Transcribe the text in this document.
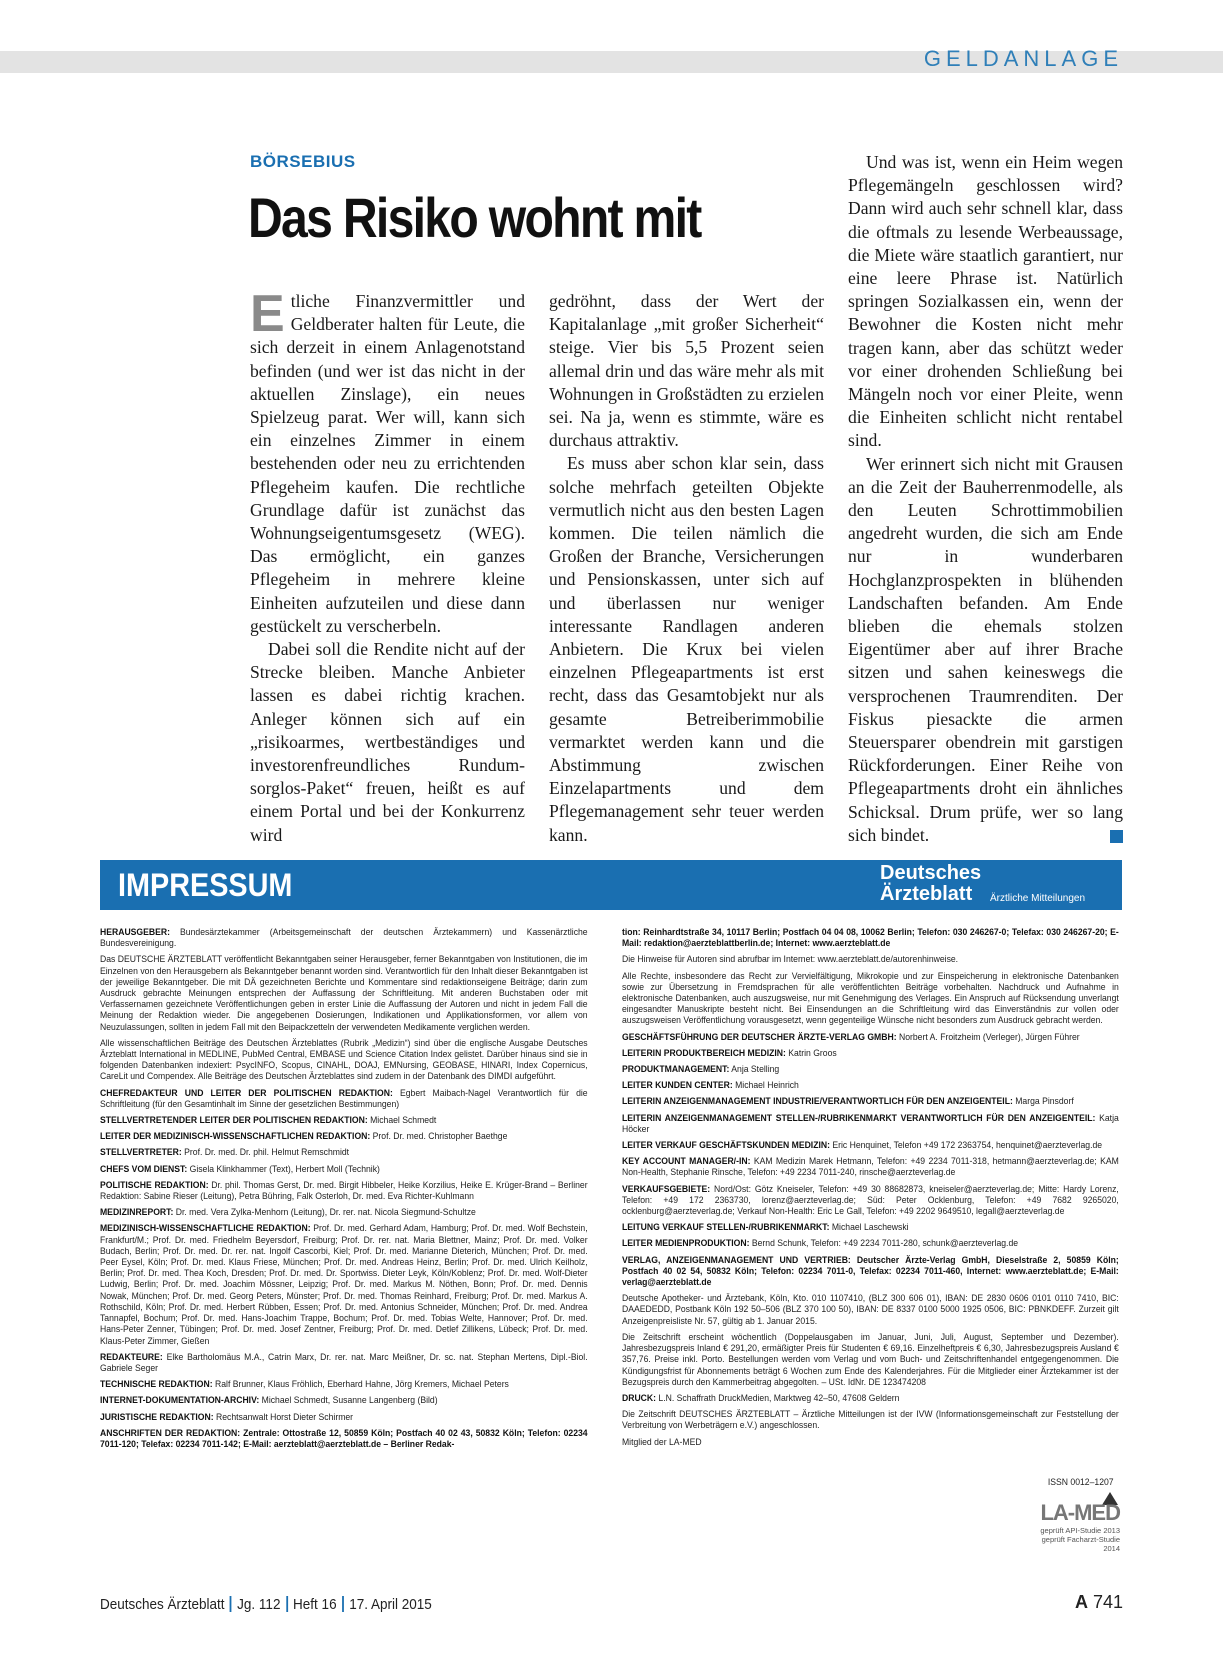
GELDANLAGE
BÖRSEBIUS
Das Risiko wohnt mit

Etliche Finanzvermittler und Geldberater halten für Leute, die sich derzeit in einem Anlagenotstand befinden (und wer ist das nicht in der aktuellen Zinslage), ein neues Spielzeug parat. Wer will, kann sich ein einzelnes Zimmer in einem bestehenden oder neu zu errichtenden Pflegeheim kaufen. Die rechtliche Grundlage dafür ist zunächst das Wohnungseigentumsgesetz (WEG). Das ermöglicht, ein ganzes Pflegeheim in mehrere kleine Einheiten aufzuteilen und diese dann gestückelt zu verscherbeln.

Dabei soll die Rendite nicht auf der Strecke bleiben. Manche Anbieter lassen es dabei richtig krachen. Anleger können sich auf ein „risikoarmes, wertbeständiges und investorenfreundliches Rundum-sorglos-Paket“ freuen, heißt es auf einem Portal und bei der Konkurrenz wird

gedröhnt, dass der Wert der Kapitalanlage „mit großer Sicherheit“ steige. Vier bis 5,5 Prozent seien allemal drin und das wäre mehr als mit Wohnungen in Großstädten zu erzielen sei. Na ja, wenn es stimmte, wäre es durchaus attraktiv.

Es muss aber schon klar sein, dass solche mehrfach geteilten Objekte vermutlich nicht aus den besten Lagen kommen. Die teilen nämlich die Großen der Branche, Versicherungen und Pensionskassen, unter sich auf und überlassen nur weniger interessante Randlagen anderen Anbietern. Die Krux bei vielen einzelnen Pflegeapartments ist erst recht, dass das Gesamtobjekt nur als gesamte Betreiberimmobilie vermarktet werden kann und die Abstimmung zwischen Einzelapartments und dem Pflegemanagement sehr teuer werden kann.

Und was ist, wenn ein Heim wegen Pflegemängeln geschlossen wird? Dann wird auch sehr schnell klar, dass die oftmals zu lesende Werbeaussage, die Miete wäre staatlich garantiert, nur eine leere Phrase ist. Natürlich springen Sozialkassen ein, wenn der Bewohner die Kosten nicht mehr tragen kann, aber das schützt weder vor einer drohenden Schließung bei Mängeln noch vor einer Pleite, wenn die Einheiten schlicht nicht rentabel sind.

Wer erinnert sich nicht mit Grausen an die Zeit der Bauherrenmodelle, als den Leuten Schrottimmobilien angedreht wurden, die sich am Ende nur in wunderbaren Hochglanzprospekten in blühenden Landschaften befanden. Am Ende blieben die ehemals stolzen Eigentümer aber auf ihrer Brache sitzen und sahen keineswegs die versprochenen Traumrenditen. Der Fiskus piesackte die armen Steuersparer obendrein mit garstigen Rückforderungen. Einer Reihe von Pflegeapartments droht ein ähnliches Schicksal. Drum prüfe, wer so lang sich bindet.

IMPRESSUM	Deutsches
Ärzteblatt	Ärztliche Mitteilungen

HERAUSGEBER: Bundesärztekammer (Arbeitsgemeinschaft der deutschen Ärztekammern) und Kassenärztliche Bundesvereinigung.

Das DEUTSCHE ÄRZTEBLATT veröffentlicht Bekanntgaben seiner Herausgeber, ferner Bekanntgaben von Institutionen, die im Einzelnen von den Herausgebern als Bekanntgeber benannt worden sind. Verantwortlich für den Inhalt dieser Bekanntgaben ist der jeweilige Bekanntgeber. Die mit DÄ gezeichneten Berichte und Kommentare sind redaktionseigene Beiträge; darin zum Ausdruck gebrachte Meinungen entsprechen der Auffassung der Schriftleitung. Mit anderen Buchstaben oder mit Verfassernamen gezeichnete Veröffentlichungen geben in erster Linie die Auffassung der Autoren und nicht in jedem Fall die Meinung der Redaktion wieder. Die angegebenen Dosierungen, Indikationen und Applikationsformen, vor allem von Neuzulassungen, sollten in jedem Fall mit den Beipackzetteln der verwendeten Medikamente verglichen werden.

Alle wissenschaftlichen Beiträge des Deutschen Ärzteblattes (Rubrik „Medizin“) sind über die englische Ausgabe Deutsches Ärzteblatt International in MEDLINE, PubMed Central, EMBASE und Science Citation Index gelistet. Darüber hinaus sind sie in folgenden Datenbanken indexiert: PsycINFO, Scopus, CINAHL, DOAJ, EMNursing, GEOBASE, HINARI, Index Copernicus, CareLit und Compendex. Alle Beiträge des Deutschen Ärzteblattes sind zudem in der Datenbank des DIMDI aufgeführt.

CHEFREDAKTEUR UND LEITER DER POLITISCHEN REDAKTION: Egbert Maibach-Nagel Verantwortlich für die Schriftleitung (für den Gesamtinhalt im Sinne der gesetzlichen Bestimmungen)

STELLVERTRETENDER LEITER DER POLITISCHEN REDAKTION: Michael Schmedt

LEITER DER MEDIZINISCH-WISSENSCHAFTLICHEN REDAKTION: Prof. Dr. med. Christopher Baethge

STELLVERTRETER: Prof. Dr. med. Dr. phil. Helmut Remschmidt

CHEFS VOM DIENST: Gisela Klinkhammer (Text), Herbert Moll (Technik)

POLITISCHE REDAKTION: Dr. phil. Thomas Gerst, Dr. med. Birgit Hibbeler, Heike Korzilius, Heike E. Krüger-Brand – Berliner Redaktion: Sabine Rieser (Leitung), Petra Bühring, Falk Osterloh, Dr. med. Eva Richter-Kuhlmann

MEDIZINREPORT: Dr. med. Vera Zylka-Menhorn (Leitung), Dr. rer. nat. Nicola Siegmund-Schultze

MEDIZINISCH-WISSENSCHAFTLICHE REDAKTION: Prof. Dr. med. Gerhard Adam, Hamburg; Prof. Dr. med. Wolf Bechstein, Frankfurt/M.; Prof. Dr. med. Friedhelm Beyersdorf, Freiburg; Prof. Dr. rer. nat. Maria Blettner, Mainz; Prof. Dr. med. Volker Budach, Berlin; Prof. Dr. med. Dr. rer. nat. Ingolf Cascorbi, Kiel; Prof. Dr. med. Marianne Dieterich, München; Prof. Dr. med. Peer Eysel, Köln; Prof. Dr. med. Klaus Friese, München; Prof. Dr. med. Andreas Heinz, Berlin; Prof. Dr. med. Ulrich Keilholz, Berlin; Prof. Dr. med. Thea Koch, Dresden; Prof. Dr. med. Dr. Sportwiss. Dieter Leyk, Köln/Koblenz; Prof. Dr. med. Wolf-Dieter Ludwig, Berlin; Prof. Dr. med. Joachim Mössner, Leipzig; Prof. Dr. med. Markus M. Nöthen, Bonn; Prof. Dr. med. Dennis Nowak, München; Prof. Dr. med. Georg Peters, Münster; Prof. Dr. med. Thomas Reinhard, Freiburg; Prof. Dr. med. Markus A. Rothschild, Köln; Prof. Dr. med. Herbert Rübben, Essen; Prof. Dr. med. Antonius Schneider, München; Prof. Dr. med. Andrea Tannapfel, Bochum; Prof. Dr. med. Hans-Joachim Trappe, Bochum; Prof. Dr. med. Tobias Welte, Hannover; Prof. Dr. med. Hans-Peter Zenner, Tübingen; Prof. Dr. med. Josef Zentner, Freiburg; Prof. Dr. med. Detlef Zillikens, Lübeck; Prof. Dr. med. Klaus-Peter Zimmer, Gießen

REDAKTEURE: Elke Bartholomäus M.A., Catrin Marx, Dr. rer. nat. Marc Meißner, Dr. sc. nat. Stephan Mertens, Dipl.-Biol. Gabriele Seger

TECHNISCHE REDAKTION: Ralf Brunner, Klaus Fröhlich, Eberhard Hahne, Jörg Kremers, Michael Peters

INTERNET-DOKUMENTATION-ARCHIV: Michael Schmedt, Susanne Langenberg (Bild)

JURISTISCHE REDAKTION: Rechtsanwalt Horst Dieter Schirmer

ANSCHRIFTEN DER REDAKTION: Zentrale: Ottostraße 12, 50859 Köln; Postfach 40 02 43, 50832 Köln; Telefon: 02234 7011-120; Telefax: 02234 7011-142; E-Mail: aerzteblatt@aerzteblatt.de – Berliner Redak-

tion: Reinhardtstraße 34, 10117 Berlin; Postfach 04 04 08, 10062 Berlin; Telefon: 030 246267-0; Telefax: 030 246267-20; E-Mail: redaktion@aerzteblattberlin.de; Internet: www.aerzteblatt.de

Die Hinweise für Autoren sind abrufbar im Internet: www.aerzteblatt.de/autorenhinweise.

Alle Rechte, insbesondere das Recht zur Vervielfältigung, Mikrokopie und zur Einspeicherung in elektronische Datenbanken sowie zur Übersetzung in Fremdsprachen für alle veröffentlichten Beiträge vorbehalten. Nachdruck und Aufnahme in elektronische Datenbanken, auch auszugsweise, nur mit Genehmigung des Verlages. Ein Anspruch auf Rücksendung unverlangt eingesandter Manuskripte besteht nicht. Bei Einsendungen an die Schriftleitung wird das Einverständnis zur vollen oder auszugsweisen Veröffentlichung vorausgesetzt, wenn gegenteilige Wünsche nicht besonders zum Ausdruck gebracht werden.

GESCHÄFTSFÜHRUNG DER DEUTSCHER ÄRZTE-VERLAG GMBH: Norbert A. Froitzheim (Verleger), Jürgen Führer

LEITERIN PRODUKTBEREICH MEDIZIN: Katrin Groos

PRODUKTMANAGEMENT: Anja Stelling

LEITER KUNDEN CENTER: Michael Heinrich

LEITERIN ANZEIGENMANAGEMENT INDUSTRIE/VERANTWORTLICH FÜR DEN ANZEIGENTEIL: Marga Pinsdorf

LEITERIN ANZEIGENMANAGEMENT STELLEN-/RUBRIKENMARKT VERANTWORTLICH FÜR DEN ANZEIGENTEIL: Katja Höcker

LEITER VERKAUF GESCHÄFTSKUNDEN MEDIZIN: Eric Henquinet, Telefon +49 172 2363754, henquinet@aerzteverlag.de

KEY ACCOUNT MANAGER/-IN: KAM Medizin Marek Hetmann, Telefon: +49 2234 7011-318, hetmann@aerzteverlag.de; KAM Non-Health, Stephanie Rinsche, Telefon: +49 2234 7011-240, rinsche@aerzteverlag.de

VERKAUFSGEBIETE: Nord/Ost: Götz Kneiseler, Telefon: +49 30 88682873, kneiseler@aerzteverlag.de; Mitte: Hardy Lorenz, Telefon: +49 172 2363730, lorenz@aerzteverlag.de; Süd: Peter Ocklenburg, Telefon: +49 7682 9265020, ocklenburg@aerzteverlag.de; Verkauf Non-Health: Eric Le Gall, Telefon: +49 2202 9649510, legall@aerzteverlag.de

LEITUNG VERKAUF STELLEN-/RUBRIKENMARKT: Michael Laschewski

LEITER MEDIENPRODUKTION: Bernd Schunk, Telefon: +49 2234 7011-280, schunk@aerzteverlag.de

VERLAG, ANZEIGENMANAGEMENT UND VERTRIEB: Deutscher Ärzte-Verlag GmbH, Dieselstraße 2, 50859 Köln; Postfach 40 02 54, 50832 Köln; Telefon: 02234 7011-0, Telefax: 02234 7011-460, Internet: www.aerzteblatt.de; E-Mail: verlag@aerzteblatt.de

Deutsche Apotheker- und Ärztebank, Köln, Kto. 010 1107410, (BLZ 300 606 01), IBAN: DE 2830 0606 0101 0110 7410, BIC: DAAEDEDD, Postbank Köln 192 50–506 (BLZ 370 100 50), IBAN: DE 8337 0100 5000 1925 0506, BIC: PBNKDEFF. Zurzeit gilt Anzeigenpreisliste Nr. 57, gültig ab 1. Januar 2015.

Die Zeitschrift erscheint wöchentlich (Doppelausgaben im Januar, Juni, Juli, August, September und Dezember). Jahresbezugspreis Inland € 291,20, ermäßigter Preis für Studenten € 69,16. Einzelheftpreis € 6,30, Jahresbezugspreis Ausland € 357,76. Preise inkl. Porto. Bestellungen werden vom Verlag und vom Buch- und Zeitschriftenhandel entgegengenommen. Die Kündigungsfrist für Abonnements beträgt 6 Wochen zum Ende des Kalenderjahres. Für die Mitglieder einer Ärztekammer ist der Bezugspreis durch den Kammerbeitrag abgegolten. – USt. IdNr. DE 123474208

DRUCK: L.N. Schaffrath DruckMedien, Marktweg 42–50, 47608 Geldern

Die Zeitschrift DEUTSCHES ÄRZTEBLATT – Ärztliche Mitteilungen ist der IVW (Informationsgemeinschaft zur Feststellung der Verbreitung von Werbeträgern e.V.) angeschlossen.

Mitglied der LA-MED

ISSN 0012–1207
LA-MED
geprüft API-Studie 2013
geprüft Facharzt-Studie 2014
Deutsches Ärzteblatt Jg. 112 Heft 16 17. April 2015	A 741
